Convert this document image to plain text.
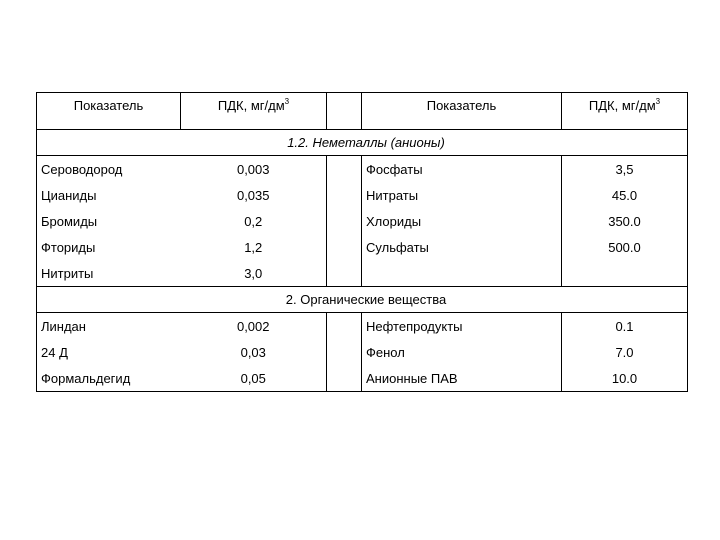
Показатель	ПДК, $мг/дм^3$		Показатель	ПДК, $мг/дм^3$
1.2. Неметаллы (анионы)				
Сероводород	0,003		Фосфаты	3,5
Цианиды	0,035		Нитраты	45.0
Бромиды	0,2		Хлориды	350.0
Фториды	1,2		Сульфаты	500.0
Нитриты	3,0			
2. Органические вещества				
Линдан	0,002		Нефтепродукты	0.1
24 Д	0,03		Фенол	7.0
Формальдегид	0,05		Анионные ПАВ	10.0
